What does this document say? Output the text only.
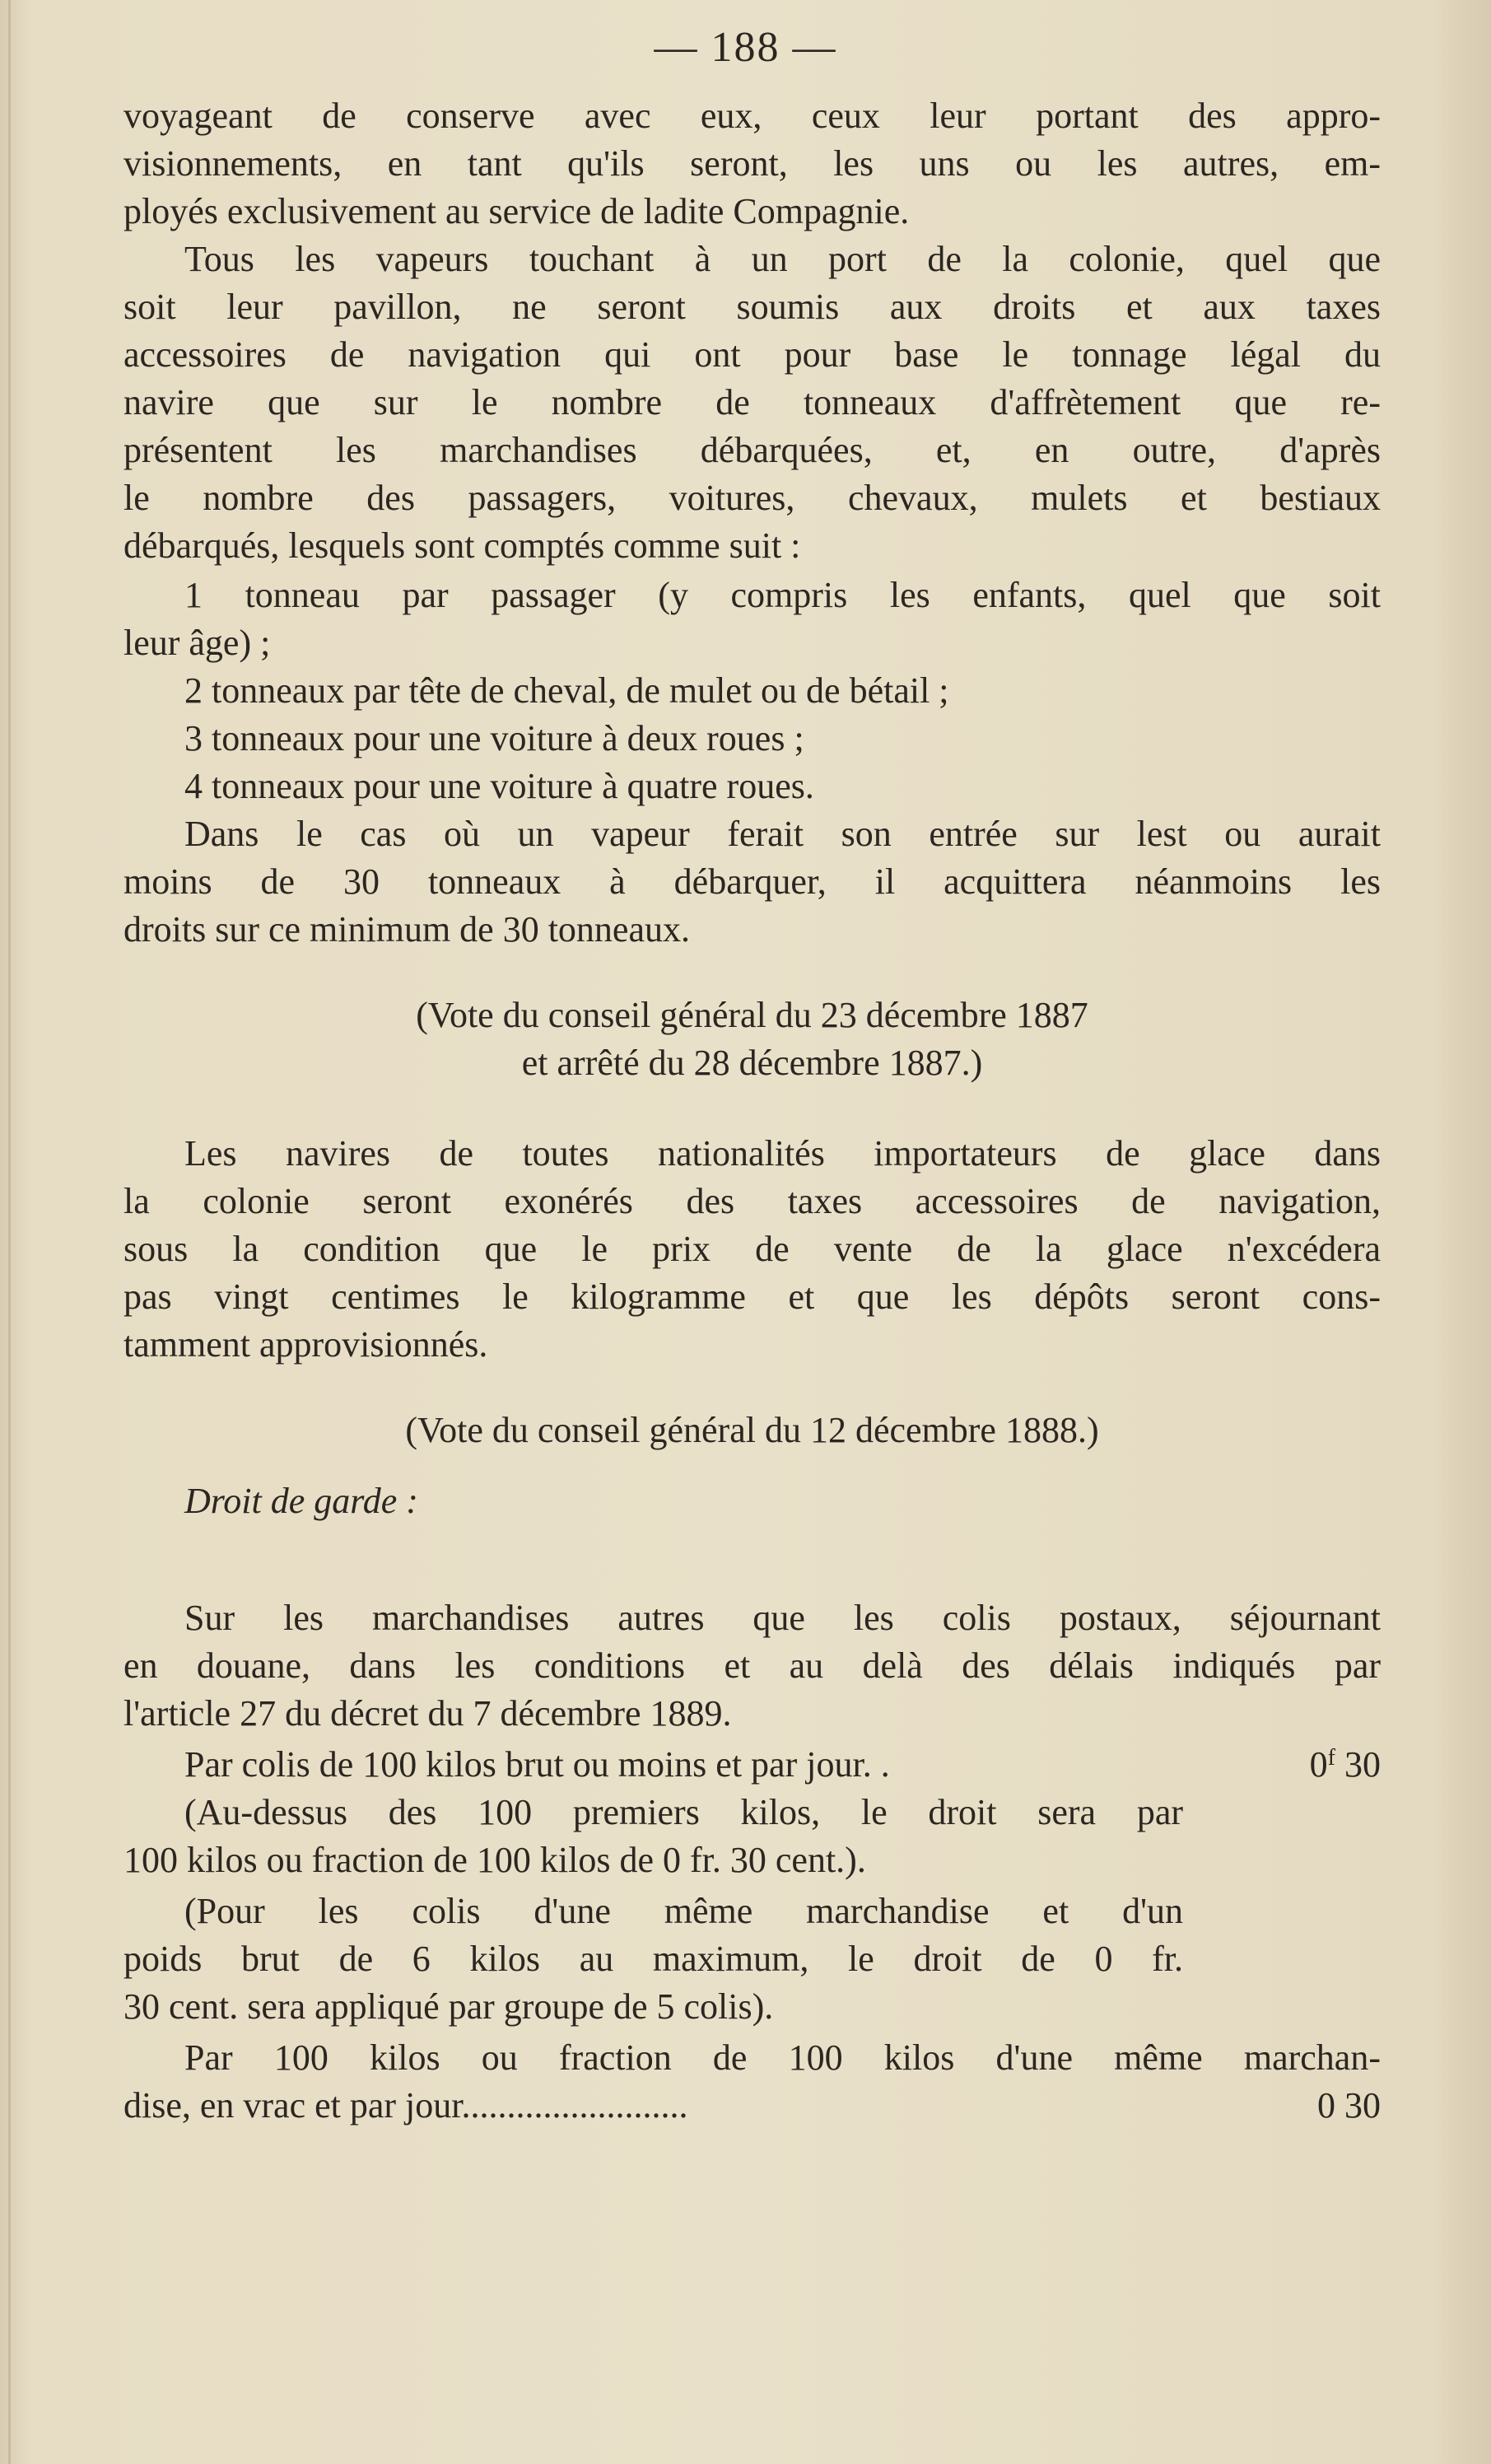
— 188 —
voyageant de conserve avec eux, ceux leur portant des appro-
visionnements, en tant qu'ils seront, les uns ou les autres, em-
ployés exclusivement au service de ladite Compagnie.
Tous les vapeurs touchant à un port de la colonie, quel que
soit leur pavillon, ne seront soumis aux droits et aux taxes
accessoires de navigation qui ont pour base le tonnage légal du
navire que sur le nombre de tonneaux d'affrètement que re-
présentent les marchandises débarquées, et, en outre, d'après
le nombre des passagers, voitures, chevaux, mulets et bestiaux
débarqués, lesquels sont comptés comme suit :
1 tonneau par passager (y compris les enfants, quel que soit
leur âge) ;
2 tonneaux par tête de cheval, de mulet ou de bétail ;
3 tonneaux pour une voiture à deux roues ;
4 tonneaux pour une voiture à quatre roues.
Dans le cas où un vapeur ferait son entrée sur lest ou aurait
moins de 30 tonneaux à débarquer, il acquittera néanmoins les
droits sur ce minimum de 30 tonneaux.
(Vote du conseil général du 23 décembre 1887
et arrêté du 28 décembre 1887.)
Les navires de toutes nationalités importateurs de glace dans
la colonie seront exonérés des taxes accessoires de navigation,
sous la condition que le prix de vente de la glace n'excédera
pas vingt centimes le kilogramme et que les dépôts seront cons-
tamment approvisionnés.
(Vote du conseil général du 12 décembre 1888.)
Droit de garde :
Sur les marchandises autres que les colis postaux, séjournant
en douane, dans les conditions et au delà des délais indiqués par
l'article 27 du décret du 7 décembre 1889.
Par colis de 100 kilos brut ou moins et par jour. .	0$^f$ 30
(Au-dessus des 100 premiers kilos, le droit sera par
100 kilos ou fraction de 100 kilos de 0 fr. 30 cent.).
(Pour les colis d'une même marchandise et d'un
poids brut de 6 kilos au maximum, le droit de 0 fr.
30 cent. sera appliqué par groupe de 5 colis).
Par 100 kilos ou fraction de 100 kilos d'une même marchan-
dise, en vrac et par jour.........................	0 30
